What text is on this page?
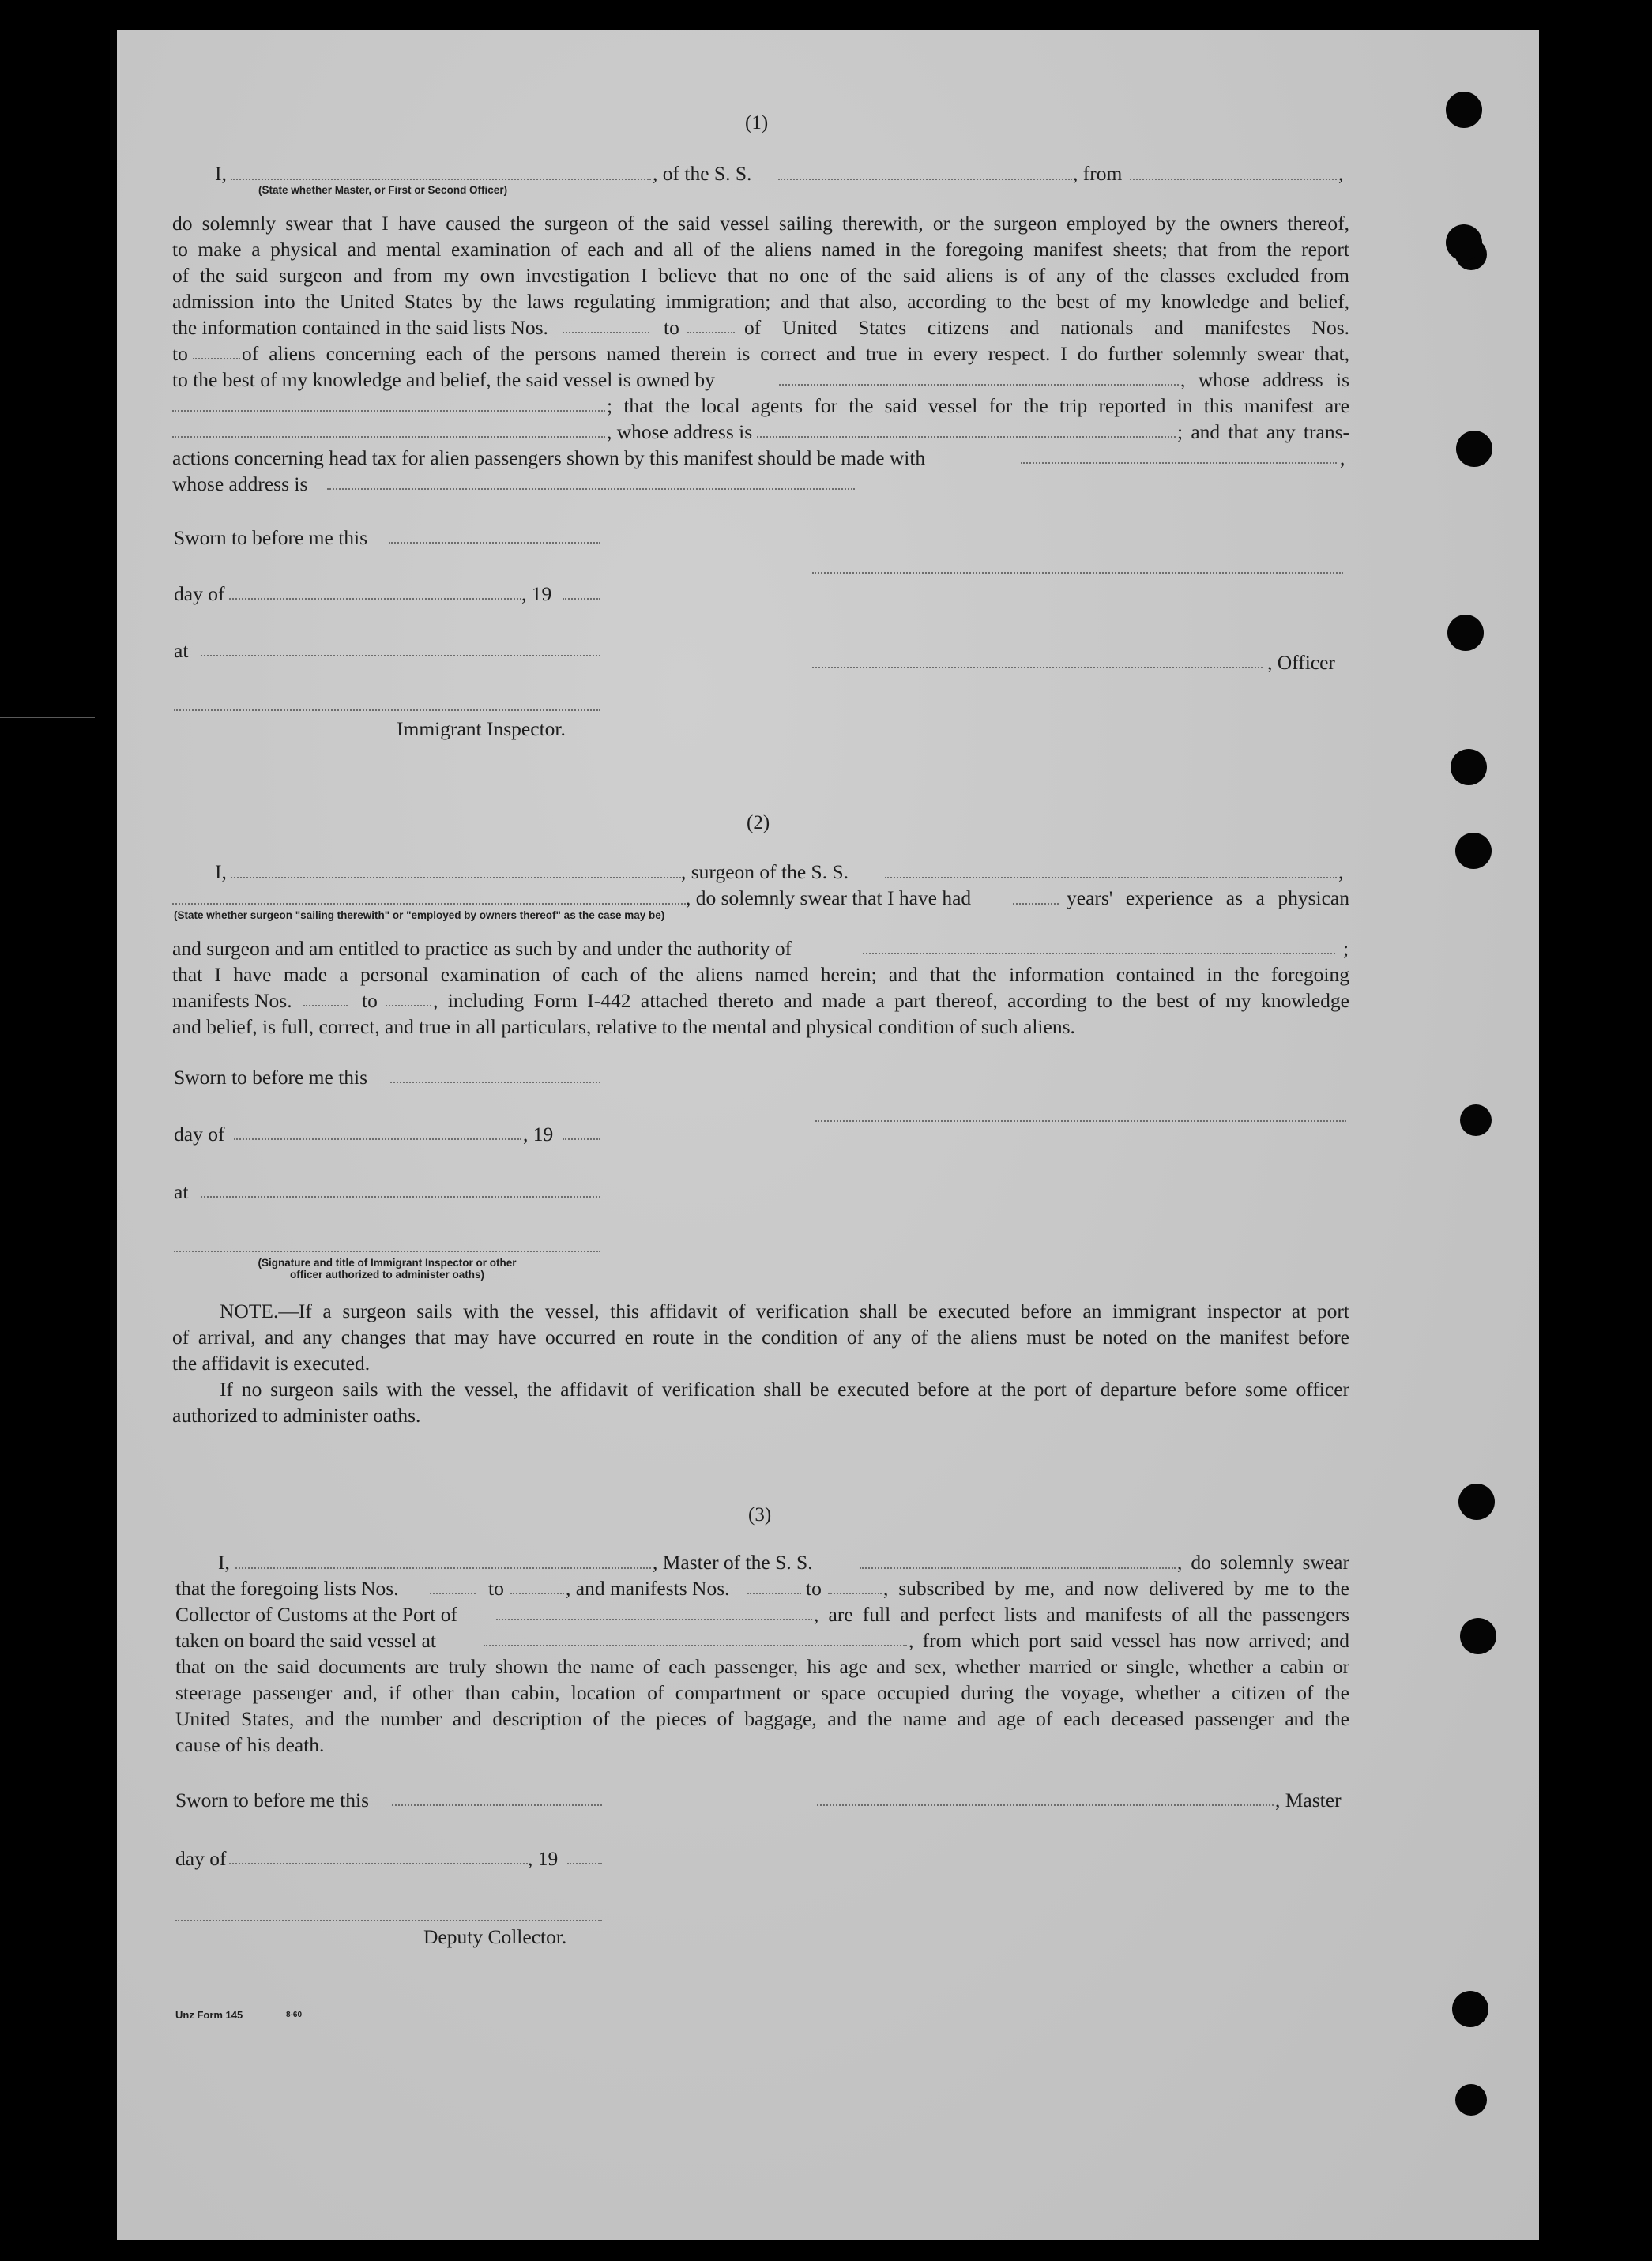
(1)
I,	, of the S. S.	, from	,
(State whether Master, or First or Second Officer)
do solemnly swear that I have caused the surgeon of the said vessel sailing therewith, or the surgeon employed by the owners thereof,
to make a physical and mental examination of each and all of the aliens named in the foregoing manifest sheets; that from the report
of the said surgeon and from my own investigation I believe that no one of the said aliens is of any of the classes excluded from
admission into the United States by the laws regulating immigration; and that also, according to the best of my knowledge and belief,
the information contained in the said lists Nos.	to	of United States citizens and nationals and manifestes Nos.
to	of aliens concerning each of the persons named therein is correct and true in every respect. I do further solemnly swear that,
to the best of my knowledge and belief, the said vessel is owned by	, whose address is
; that the local agents for the said vessel for the trip reported in this manifest are
, whose address is	; and that any trans-
actions concerning head tax for alien passengers shown by this manifest should be made with	,
whose address is
Sworn to before me this
day of	, 19
at
, Officer
Immigrant Inspector.
(2)
I,	, surgeon of the S. S.	,
, do solemnly swear that I have had	years' experience as a physican
(State whether surgeon "sailing therewith" or "employed by owners thereof" as the case may be)
and surgeon and am entitled to practice as such by and under the authority of	;
that I have made a personal examination of each of the aliens named herein; and that the information contained in the foregoing
manifests Nos.	to	, including Form I-442 attached thereto and made a part thereof, according to the best of my knowledge
and belief, is full, correct, and true in all particulars, relative to the mental and physical condition of such aliens.
Sworn to before me this
day of	, 19
at
(Signature and title of Immigrant Inspector or other
officer authorized to administer oaths)
NOTE.—If a surgeon sails with the vessel, this affidavit of verification shall be executed before an immigrant inspector at port
of arrival, and any changes that may have occurred en route in the condition of any of the aliens must be noted on the manifest before
the affidavit is executed.
If no surgeon sails with the vessel, the affidavit of verification shall be executed before at the port of departure before some officer
authorized to administer oaths.
(3)
I,	, Master of the S. S.	, do solemnly swear
that the foregoing lists Nos.	to	, and manifests Nos.	to	, subscribed by me, and now delivered by me to the
Collector of Customs at the Port of	, are full and perfect lists and manifests of all the passengers
taken on board the said vessel at	, from which port said vessel has now arrived; and
that on the said documents are truly shown the name of each passenger, his age and sex, whether married or single, whether a cabin or
steerage passenger and, if other than cabin, location of compartment or space occupied during the voyage, whether a citizen of the
United States, and the number and description of the pieces of baggage, and the name and age of each deceased passenger and the
cause of his death.
Sworn to before me this	, Master
day of	, 19
Deputy Collector.
Unz Form 145	8-60
